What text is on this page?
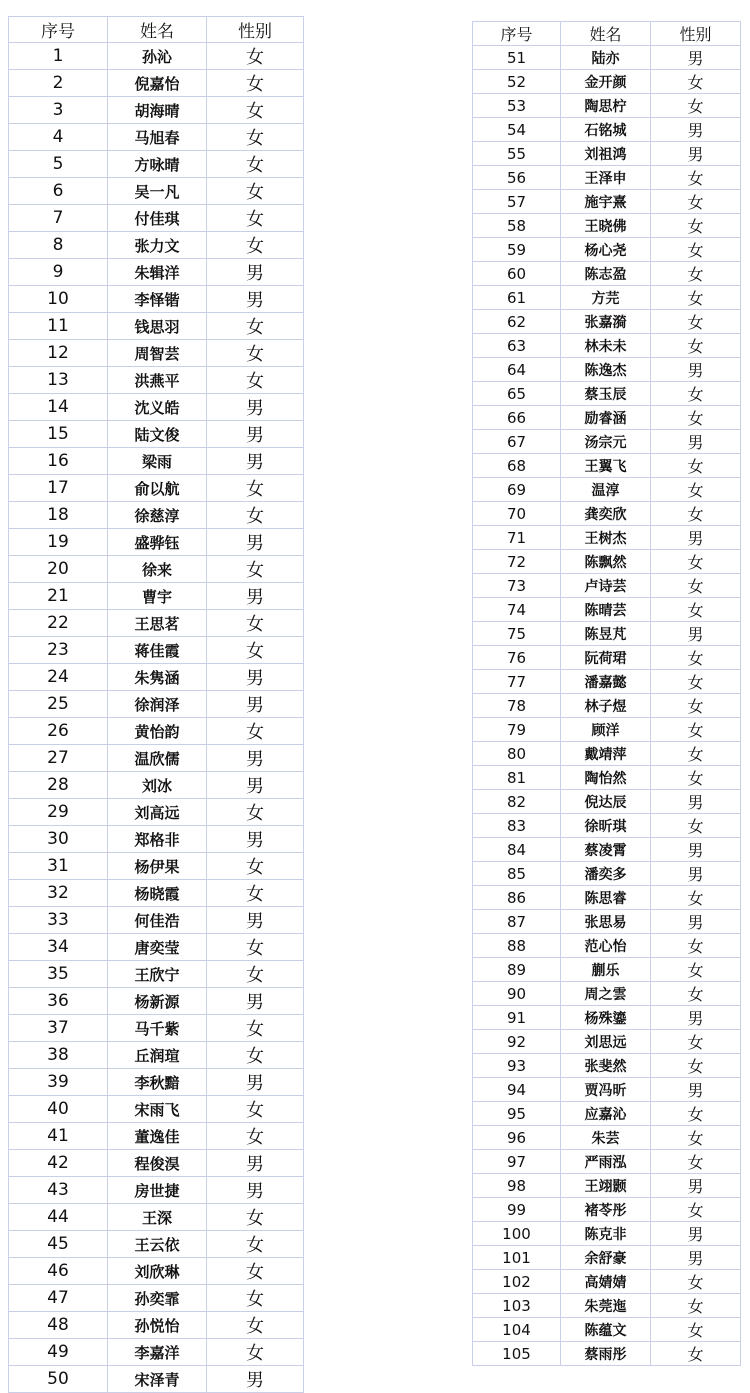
序号	姓名	性别
1	孙沁	女
2	倪嘉怡	女
3	胡海晴	女
4	马旭春	女
5	方咏晴	女
6	吴一凡	女
7	付佳琪	女
8	张力文	女
9	朱辑洋	男
10	李怿锴	男
11	钱思羽	女
12	周智芸	女
13	洪燕平	女
14	沈义皓	男
15	陆文俊	男
16	梁雨	男
17	俞以航	女
18	徐慈淳	女
19	盛骅钰	男
20	徐来	女
21	曹宇	男
22	王思茗	女
23	蒋佳霞	女
24	朱隽涵	男
25	徐润泽	男
26	黄怡韵	女
27	温欣儒	男
28	刘冰	男
29	刘高远	女
30	郑格非	男
31	杨伊果	女
32	杨晓霞	女
33	何佳浩	男
34	唐奕莹	女
35	王欣宁	女
36	杨新源	男
37	马千紫	女
38	丘润瑄	女
39	李秋黯	男
40	宋雨飞	女
41	董逸佳	女
42	程俊淏	男
43	房世捷	男
44	王深	女
45	王云依	女
46	刘欣琳	女
47	孙奕霏	女
48	孙悦怡	女
49	李嘉洋	女
50	宋泽青	男
序号	姓名	性别
51	陆亦	男
52	金开颜	女
53	陶思柠	女
54	石铭城	男
55	刘祖鸿	男
56	王泽申	女
57	施宇熹	女
58	王晓佛	女
59	杨心尧	女
60	陈志盈	女
61	方芫	女
62	张嘉漪	女
63	林未未	女
64	陈逸杰	男
65	蔡玉辰	女
66	励睿涵	女
67	汤宗元	男
68	王翼飞	女
69	温淳	女
70	龚奕欣	女
71	王树杰	男
72	陈飘然	女
73	卢诗芸	女
74	陈晴芸	女
75	陈昱芃	男
76	阮荷珺	女
77	潘嘉懿	女
78	林子煜	女
79	顾洋	女
80	戴靖萍	女
81	陶怡然	女
82	倪达辰	男
83	徐昕琪	女
84	蔡凌霄	男
85	潘奕多	男
86	陈思睿	女
87	张思易	男
88	范心怡	女
89	蒯乐	女
90	周之雲	女
91	杨殊鎏	男
92	刘思远	女
93	张斐然	女
94	贾冯昕	男
95	应嘉沁	女
96	朱芸	女
97	严雨泓	女
98	王翊颢	男
99	褚苓彤	女
100	陈克非	男
101	余舒豪	男
102	高婧婧	女
103	朱莞迤	女
104	陈蕴文	女
105	蔡雨彤	女
